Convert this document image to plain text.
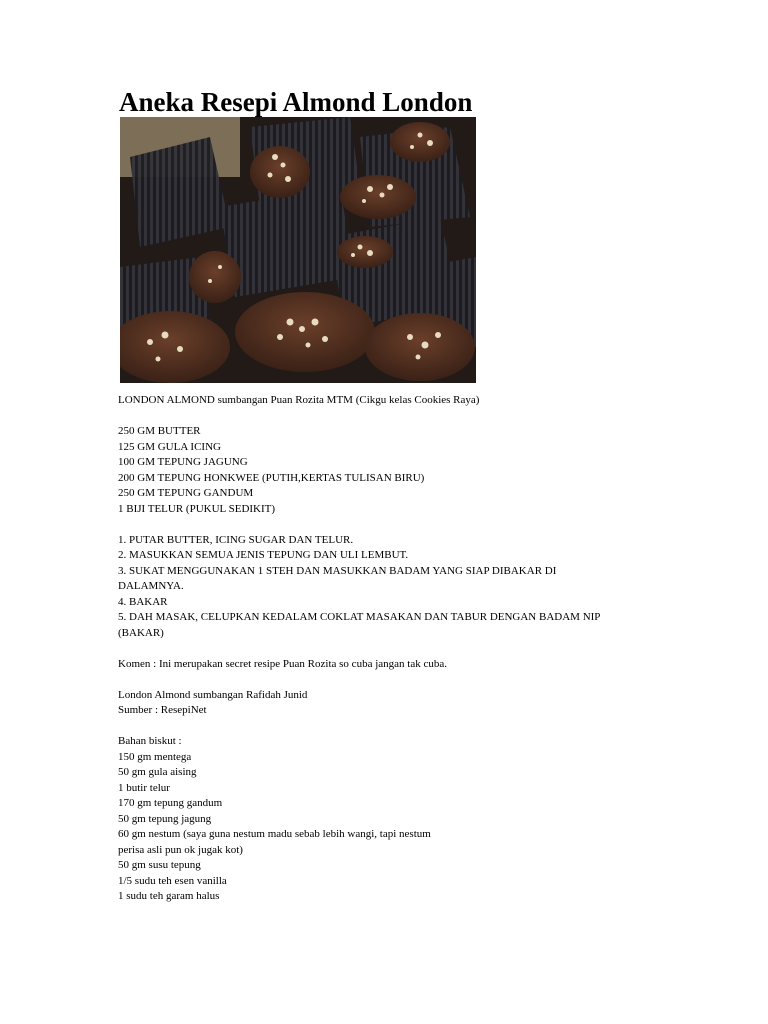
Aneka Resepi Almond London
LONDON ALMOND sumbangan Puan Rozita MTM (Cikgu kelas Cookies Raya)
250 GM BUTTER
125 GM GULA ICING
100 GM TEPUNG JAGUNG
200 GM TEPUNG HONKWEE (PUTIH,KERTAS TULISAN BIRU)
250 GM TEPUNG GANDUM
1 BIJI TELUR (PUKUL SEDIKIT)
1. PUTAR BUTTER, ICING SUGAR DAN TELUR.
2. MASUKKAN SEMUA JENIS TEPUNG DAN ULI LEMBUT.
3. SUKAT MENGGUNAKAN 1 STEH DAN MASUKKAN BADAM YANG SIAP DIBAKAR DI
DALAMNYA.
4. BAKAR
5. DAH MASAK, CELUPKAN KEDALAM COKLAT MASAKAN DAN TABUR DENGAN BADAM NIP
(BAKAR)
Komen : Ini merupakan secret resipe Puan Rozita so cuba jangan tak cuba.
London Almond sumbangan Rafidah Junid
Sumber : ResepiNet
Bahan biskut :
150 gm mentega
50 gm gula aising
1 butir telur
170 gm tepung gandum
50 gm tepung jagung
60 gm nestum (saya guna nestum madu sebab lebih wangi, tapi nestum
perisa asli pun ok jugak kot)
50 gm susu tepung
1/5 sudu teh esen vanilla
1 sudu teh garam halus
